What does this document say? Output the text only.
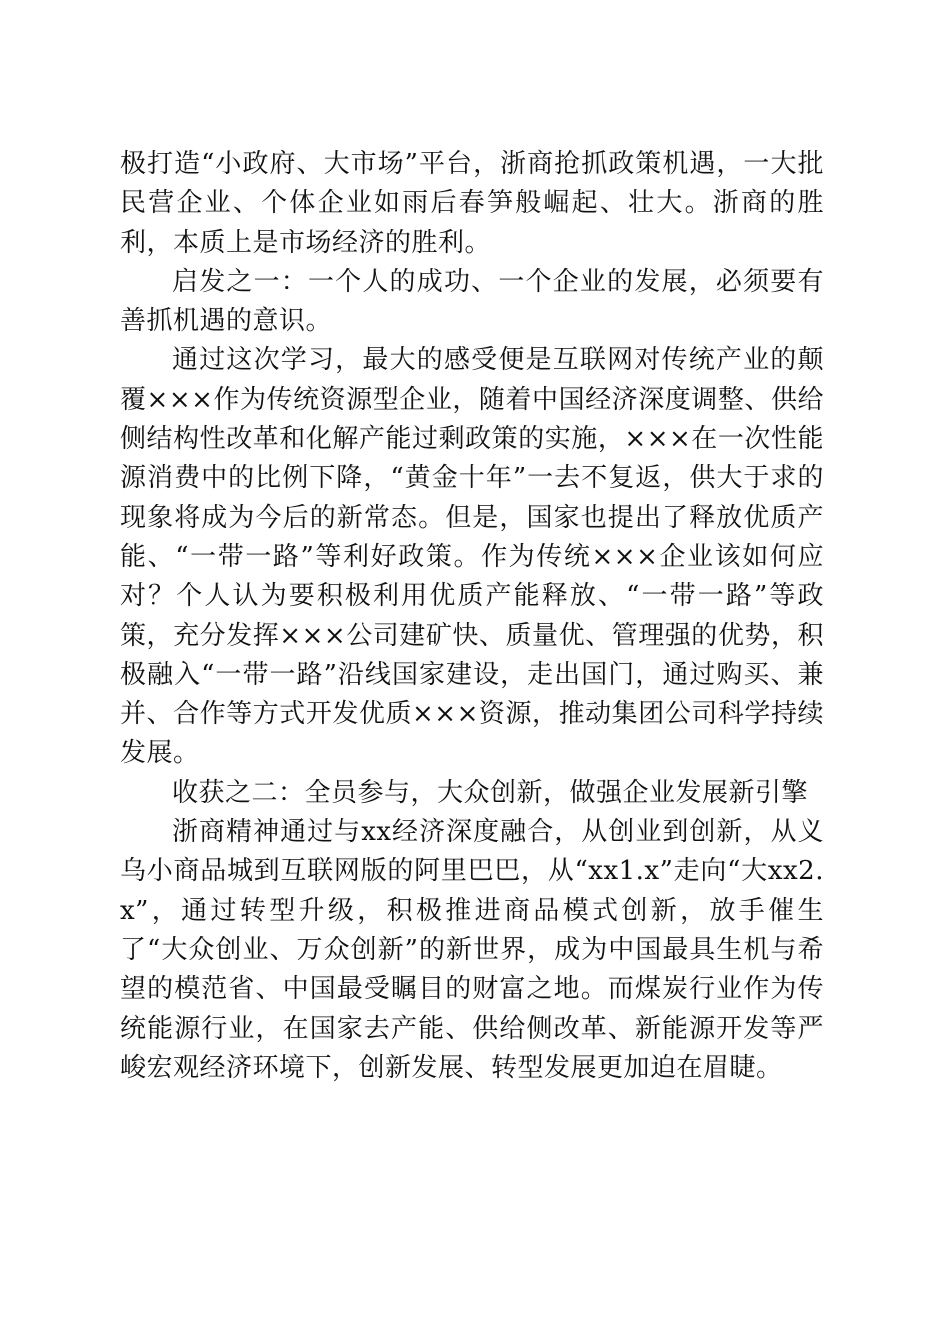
极打造“小政府、大市场”平台，浙商抢抓政策机遇，一大批民营企业、个体企业如雨后春笋般崛起、壮大。浙商的胜利，本质上是市场经济的胜利。

启发之一：一个人的成功、一个企业的发展，必须要有善抓机遇的意识。

通过这次学习，最大的感受便是互联网对传统产业的颠覆×××作为传统资源型企业，随着中国经济深度调整、供给侧结构性改革和化解产能过剩政策的实施，×××在一次性能源消费中的比例下降，“黄金十年”一去不复返，供大于求的现象将成为今后的新常态。但是，国家也提出了释放优质产能、“一带一路”等利好政策。作为传统×××企业该如何应对？个人认为要积极利用优质产能释放、“一带一路”等政策，充分发挥×××公司建矿快、质量优、管理强的优势，积极融入“一带一路”沿线国家建设，走出国门，通过购买、兼并、合作等方式开发优质×××资源，推动集团公司科学持续发展。

收获之二：全员参与，大众创新，做强企业发展新引擎

浙商精神通过与xx经济深度融合，从创业到创新，从义乌小商品城到互联网版的阿里巴巴，从“xx1.x”走向“大xx2.x”，通过转型升级，积极推进商品模式创新，放手催生了“大众创业、万众创新”的新世界，成为中国最具生机与希望的模范省、中国最受瞩目的财富之地。而煤炭行业作为传统能源行业，在国家去产能、供给侧改革、新能源开发等严峻宏观经济环境下，创新发展、转型发展更加迫在眉睫。
